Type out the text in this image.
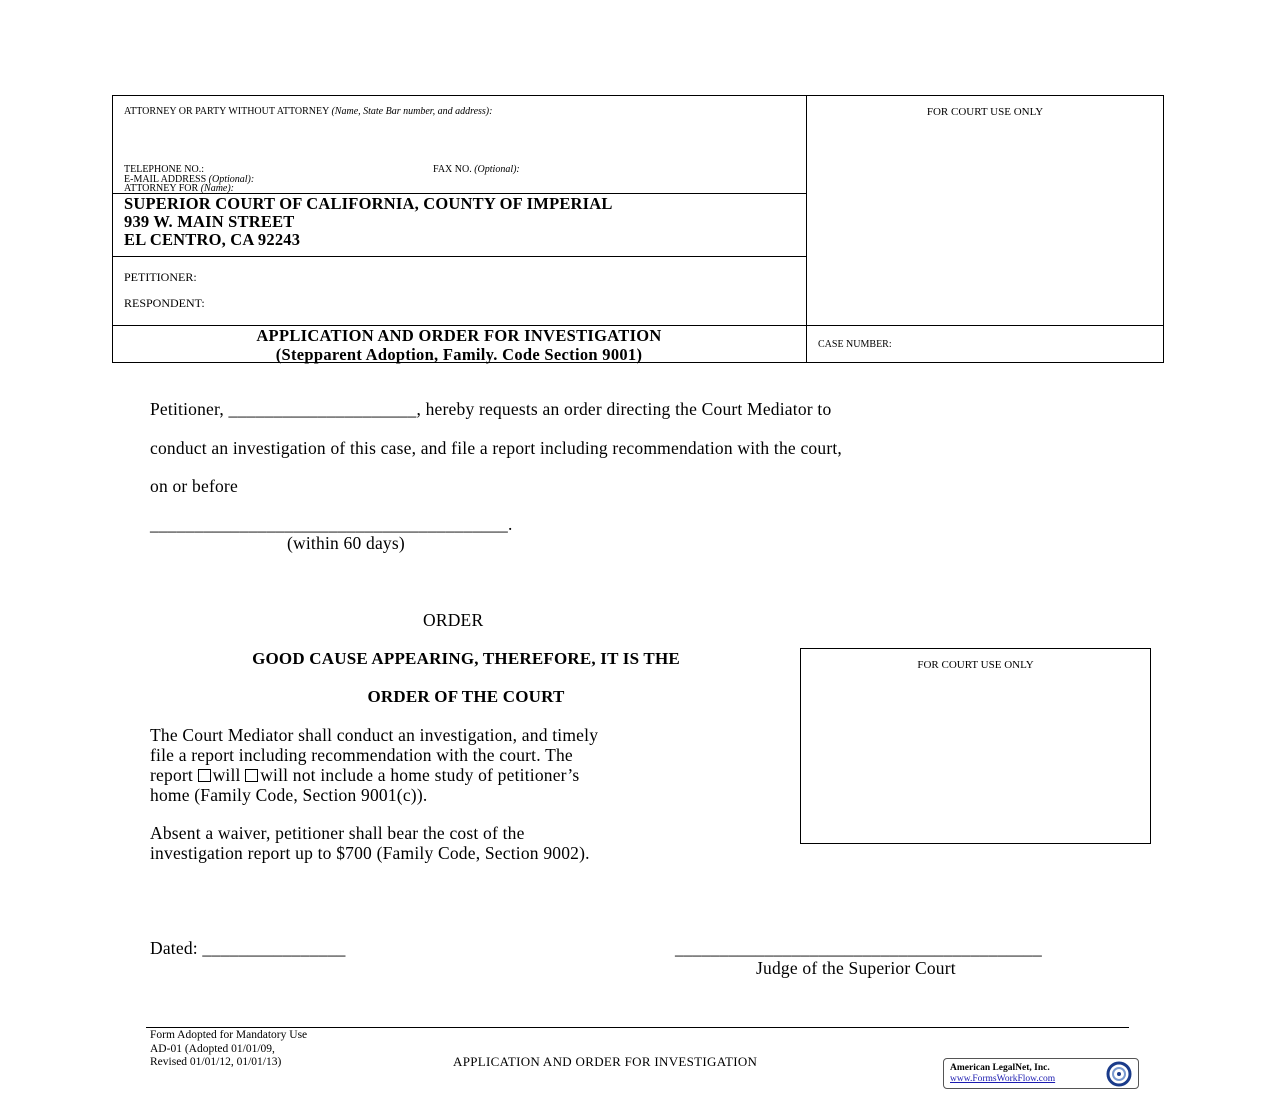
ATTORNEY OR PARTY WITHOUT ATTORNEY (Name, State Bar number, and address):	FOR COURT USE ONLY
TELEPHONE NO.:	FAX NO. (Optional):
E-MAIL ADDRESS (Optional):
ATTORNEY FOR (Name):
SUPERIOR COURT OF CALIFORNIA, COUNTY OF IMPERIAL
939 W. MAIN STREET
EL CENTRO, CA 92243
PETITIONER:
RESPONDENT:
APPLICATION AND ORDER FOR INVESTIGATION
(Stepparent Adoption, Family. Code Section 9001)
CASE NUMBER:
Petitioner, _____________________, hereby requests an order directing the Court Mediator to
conduct an investigation of this case, and file a report including recommendation with the court,
on or before
________________________________________.
(within 60 days)
ORDER
GOOD CAUSE APPEARING, THEREFORE, IT IS THE
ORDER OF THE COURT
The Court Mediator shall conduct an investigation, and timely
file a report including recommendation with the court. The
report will will not include a home study of petitioner’s
home (Family Code, Section 9001(c)).
Absent a waiver, petitioner shall bear the cost of the
investigation report up to $700 (Family Code, Section 9002).
FOR COURT USE ONLY
Dated: ________________	_________________________________________
Judge of the Superior Court
Form Adopted for Mandatory Use
AD-01 (Adopted 01/01/09,
Revised 01/01/12, 01/01/13)	APPLICATION AND ORDER FOR INVESTIGATION	American LegalNet, Inc.
www.FormsWorkFlow.com
